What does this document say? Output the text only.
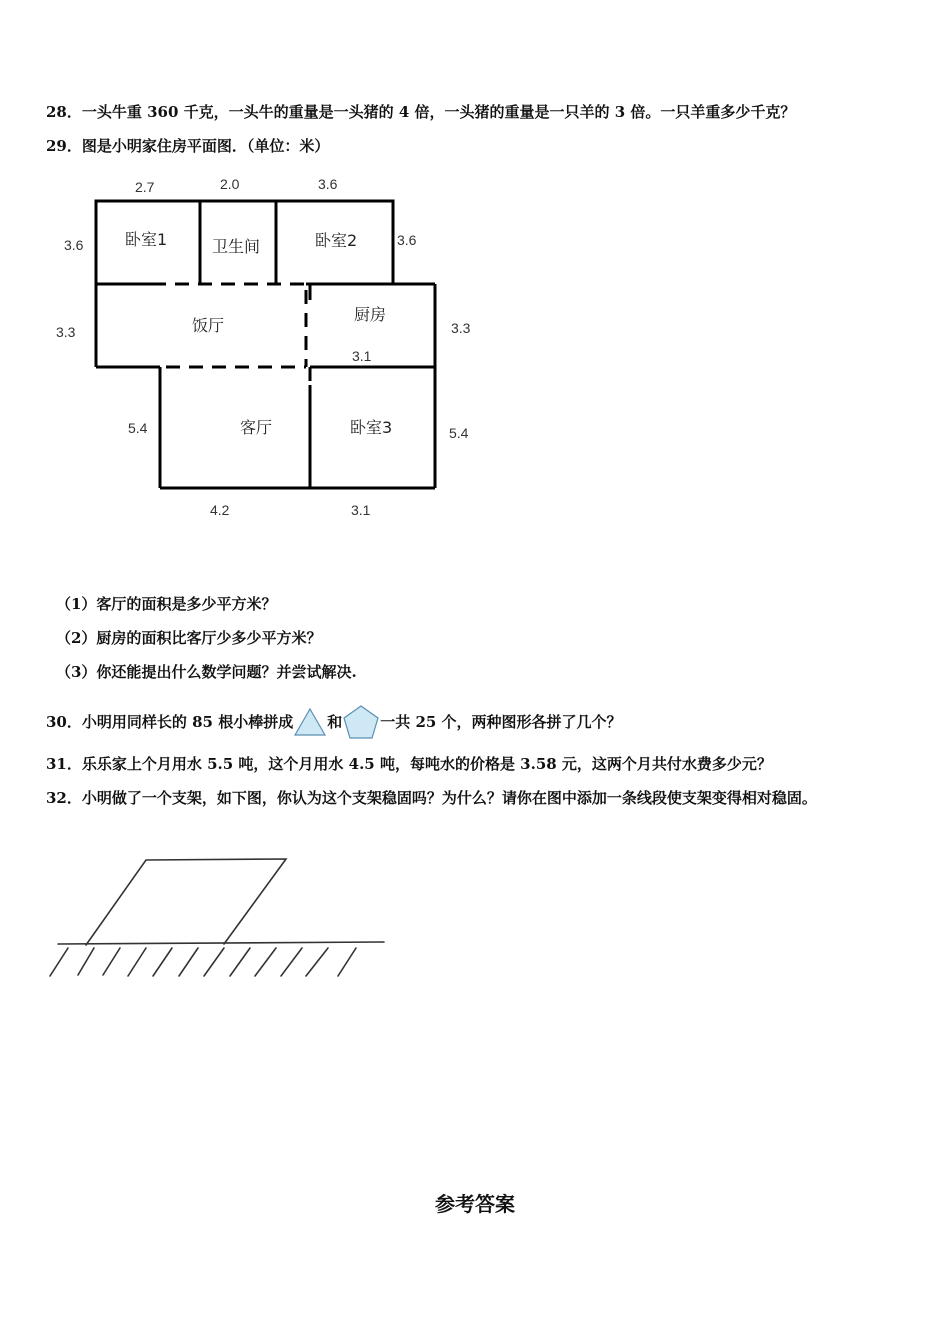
28．一头牛重 360 千克，一头牛的重量是一头猪的 4 倍，一头猪的重量是一只羊的 3 倍。一只羊重多少千克？
29．图是小明家住房平面图．（单位：米）
卧室1	卫生间	卧室2
饭厅
厨房
客厅	卧室3
2.7	2.0	3.6
3.6	3.6
3.3	3.3
3.1
5.4	5.4
4.2	3.1
（1）客厅的面积是多少平方米？
（2）厨房的面积比客厅少多少平方米？
（3）你还能提出什么数学问题？并尝试解决.
30．小明用同样长的 85 根小棒拼成 和	一共 25 个，两种图形各拼了几个？
31．乐乐家上个月用水 5.5 吨，这个月用水 4.5 吨，每吨水的价格是 3.58 元，这两个月共付水费多少元？
32．小明做了一个支架，如下图，你认为这个支架稳固吗？为什么？请你在图中添加一条线段使支架变得相对稳固。
参考答案
